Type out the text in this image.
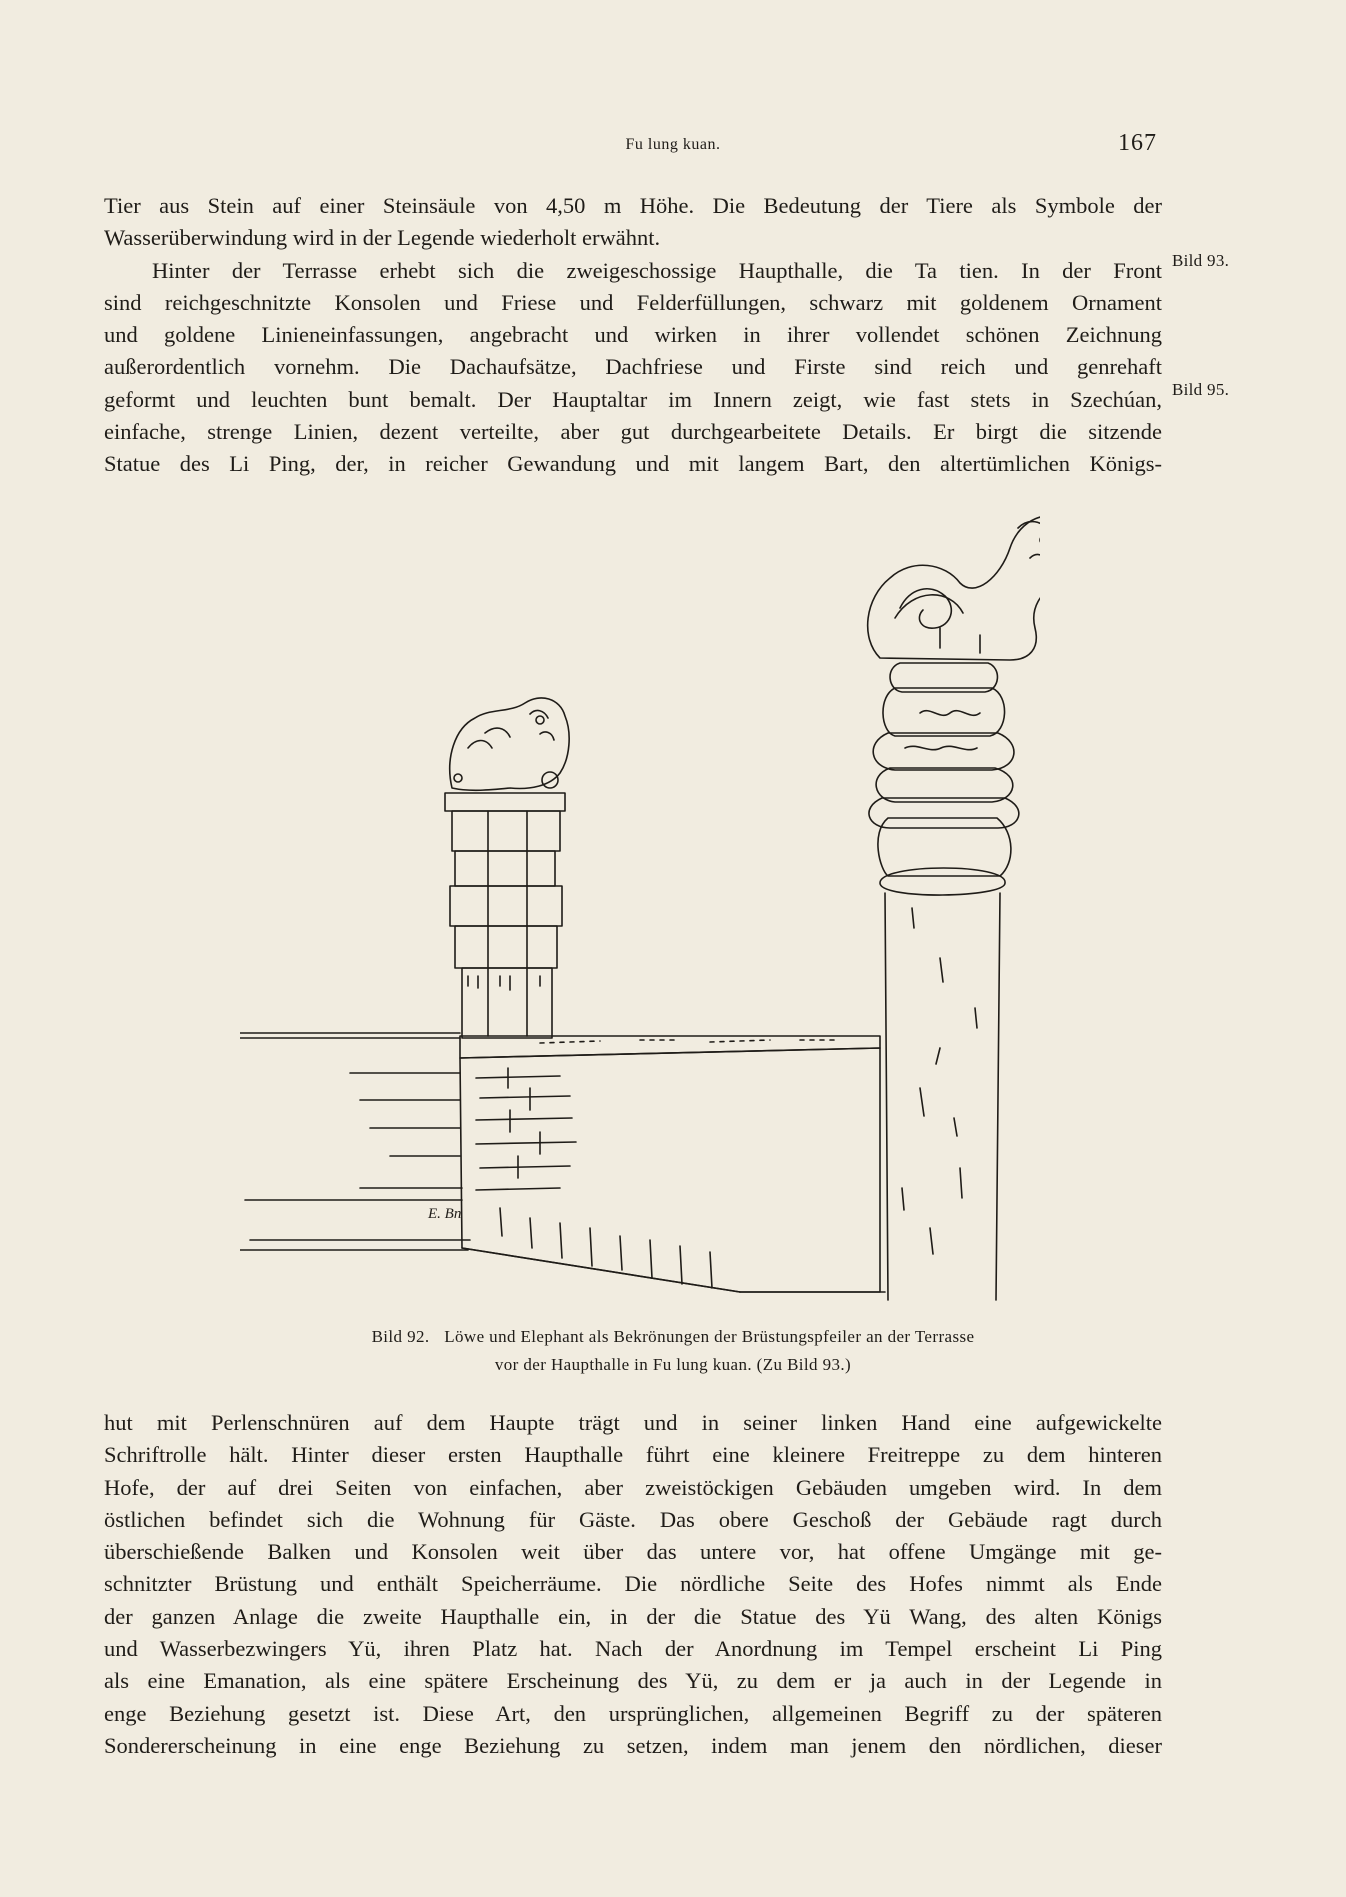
Fu lung kuan.	167
Tier aus Stein auf einer Steinsäule von 4,50 m Höhe. Die Bedeutung der Tiere als Symbole der
Wasserüberwindung wird in der Legende wiederholt erwähnt.
Hinter der Terrasse erhebt sich die zweigeschossige Haupthalle, die Ta tien. In der Front
sind reichgeschnitzte Konsolen und Friese und Felderfüllungen, schwarz mit goldenem Ornament
und goldene Linieneinfassungen, angebracht und wirken in ihrer vollendet schönen Zeichnung
außerordentlich vornehm. Die Dachaufsätze, Dachfriese und Firste sind reich und genrehaft
geformt und leuchten bunt bemalt. Der Hauptaltar im Innern zeigt, wie fast stets in Szechúan,
einfache, strenge Linien, dezent verteilte, aber gut durchgearbeitete Details. Er birgt die sitzende
Statue des Li Ping, der, in reicher Gewandung und mit langem Bart, den altertümlichen Königs-
Bild 93.
Bild 95.
E. Bn
Bild 92. Löwe und Elephant als Bekrönungen der Brüstungspfeiler an der Terrasse
vor der Haupthalle in Fu lung kuan. (Zu Bild 93.)
hut mit Perlenschnüren auf dem Haupte trägt und in seiner linken Hand eine aufgewickelte
Schriftrolle hält. Hinter dieser ersten Haupthalle führt eine kleinere Freitreppe zu dem hinteren
Hofe, der auf drei Seiten von einfachen, aber zweistöckigen Gebäuden umgeben wird. In dem
östlichen befindet sich die Wohnung für Gäste. Das obere Geschoß der Gebäude ragt durch
überschießende Balken und Konsolen weit über das untere vor, hat offene Umgänge mit ge-
schnitzter Brüstung und enthält Speicherräume. Die nördliche Seite des Hofes nimmt als Ende
der ganzen Anlage die zweite Haupthalle ein, in der die Statue des Yü Wang, des alten Königs
und Wasserbezwingers Yü, ihren Platz hat. Nach der Anordnung im Tempel erscheint Li Ping
als eine Emanation, als eine spätere Erscheinung des Yü, zu dem er ja auch in der Legende in
enge Beziehung gesetzt ist. Diese Art, den ursprünglichen, allgemeinen Begriff zu der späteren
Sondererscheinung in eine enge Beziehung zu setzen, indem man jenem den nördlichen, dieser
